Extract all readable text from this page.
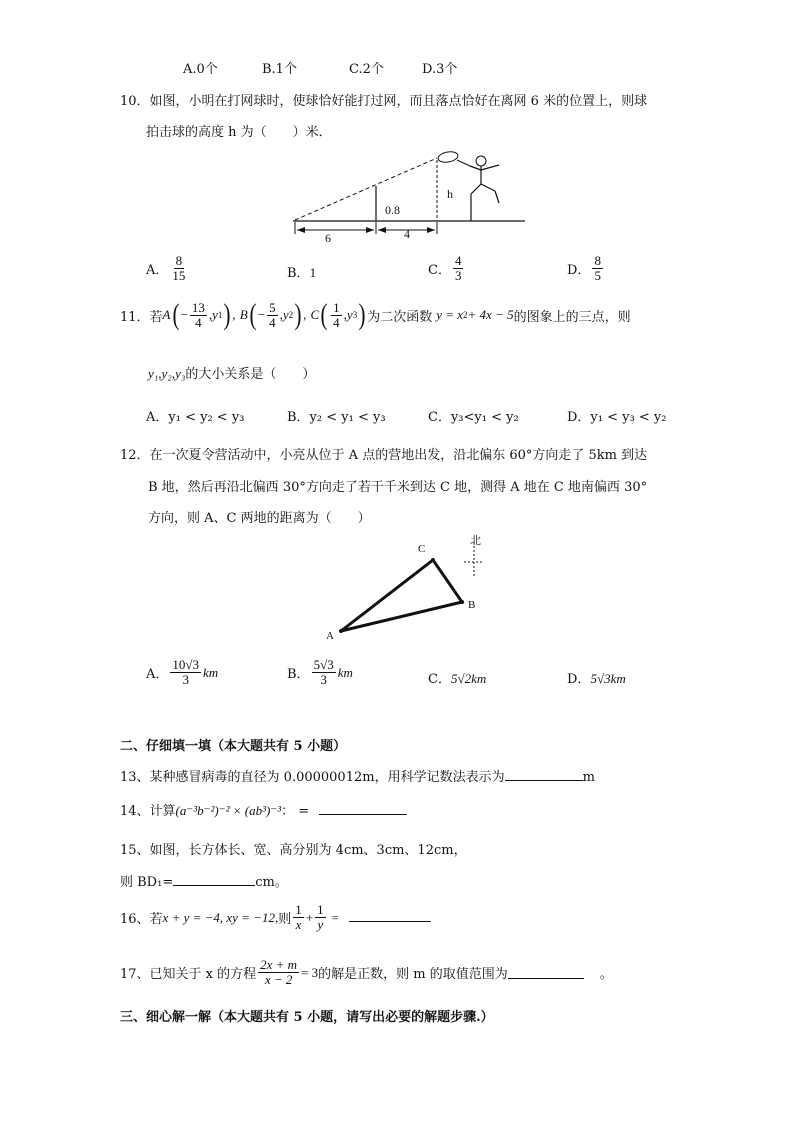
A.0个	B.1个	C.2个	D.3个
10．如图，小明在打网球时，使球恰好能打过网，而且落点恰好在离网 6 米的位置上，则球
拍击球的高度 h 为（　　）米．
6	4
0.8
h
A． $\frac{8}{15}$	B．1	C． $\frac{4}{3}$	D． $\frac{8}{5}$
11．若 A ( − $\frac{13}{4}$ , y 1 ) ,
B ( − $\frac{5}{4}$ , y 2 ) ,
C ( $\frac{1}{4}$ , y 3 ) 为二次函数 y = x 2 + 4x − 5 的图象上的三点，则
y₁,y₂,y₃的大小关系是（　　）
A．y₁ < y₂ < y₃	B．y₂ < y₁ < y₃	C．y₃<y₁ < y₂	D．y₁ < y₃ < y₂
12．在一次夏令营活动中，小亮从位于 A 点的营地出发，沿北偏东 60°方向走了 5km 到达
B 地，然后再沿北偏西 30°方向走了若干千米到达 C 地，测得 A 地在 C 地南偏西 30°
方向，则 A、C 两地的距离为（　　）
C
B
A
北
A． $\frac{10√3}{3}$ km	B． $\frac{5√3}{3}$ km	C．5√2km	D．5√3km
二、仔细填一填（本大题共有 5 小题）
13、某种感冒病毒的直径为 0.00000012m，用科学记数法表示为	m
14、计算(a⁻³b⁻²)⁻² × (ab³)⁻³： =
15、如图，长方体长、宽、高分别为 4cm、3cm、12cm，
则 BD₁=	cm。
16、若 x + y = −4, xy = −12, 则 $\frac{1}{x} + \frac{1}{y}$ =
17、已知关于 x 的方程 $\frac{2x + m}{x - 2} = 3$ 的解是正数，则 m 的取值范围为	。
三、细心解一解（本大题共有 5 小题，请写出必要的解题步骤.）
